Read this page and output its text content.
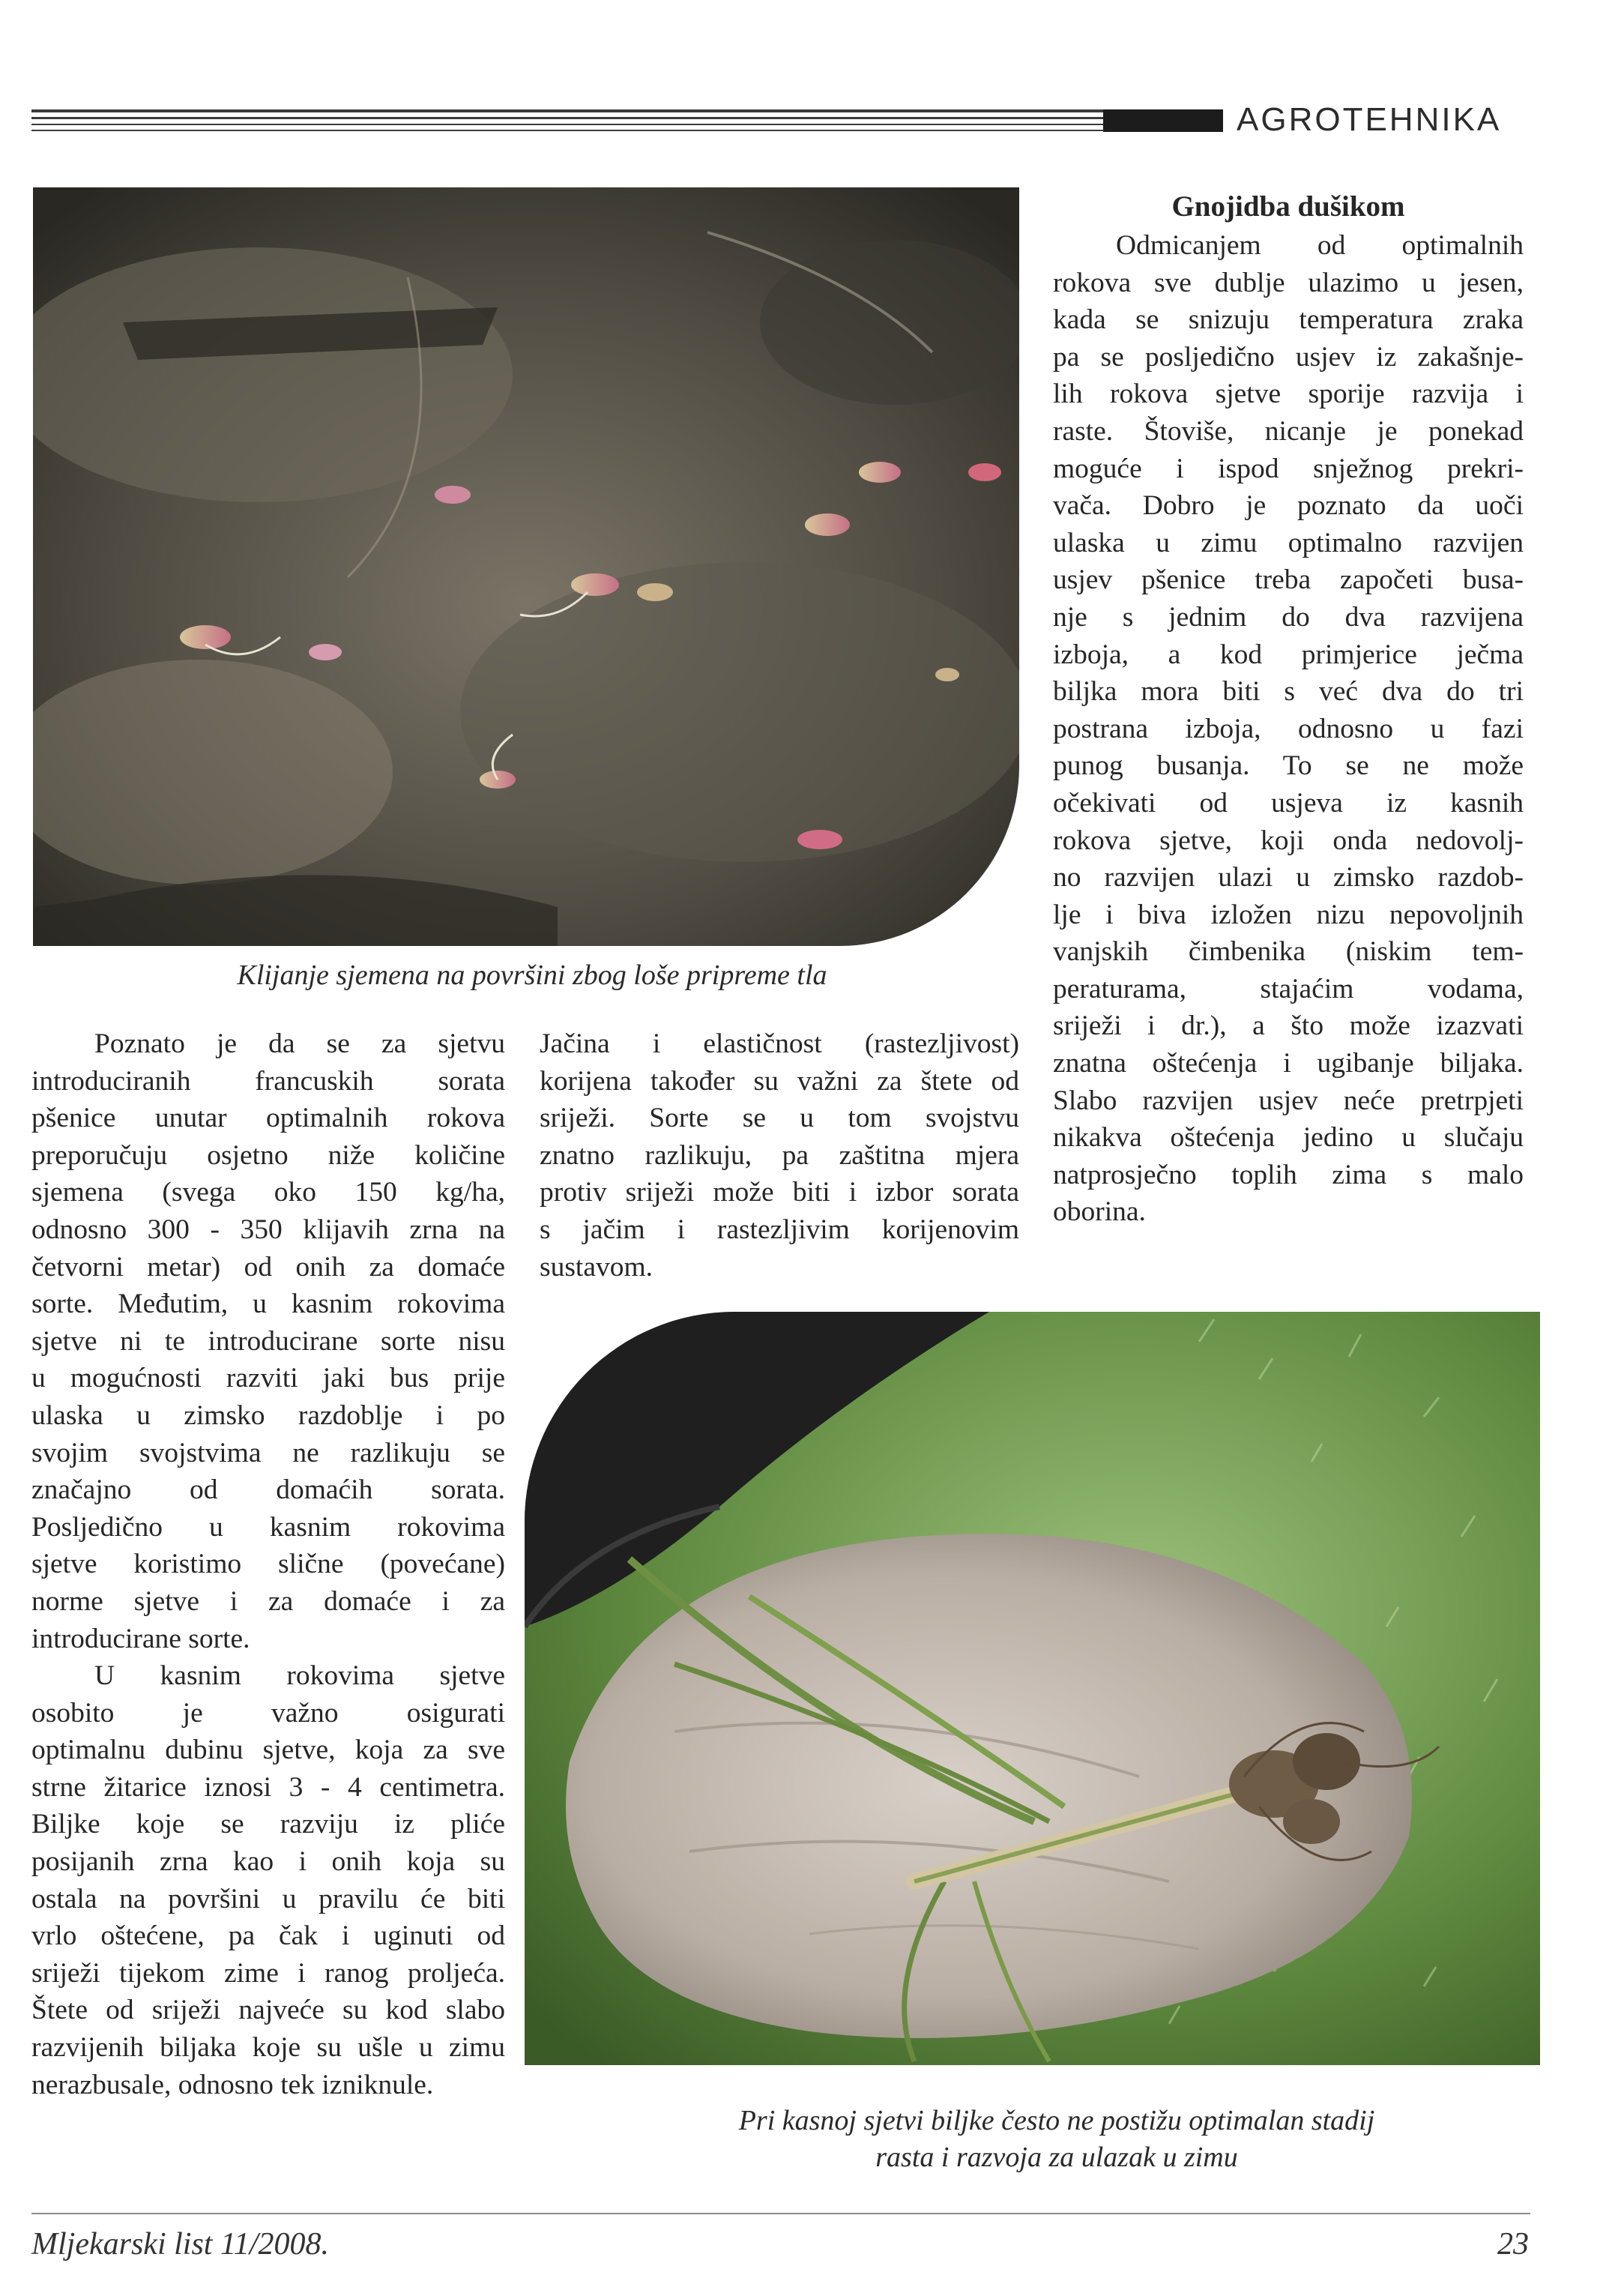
AGROTEHNIKA
Klijanje sjemena na površini zbog loše pripreme tla
Poznato je da se za sjetvu
introduciranih francuskih sorata
pšenice unutar optimalnih rokova
preporučuju osjetno niže količine
sjemena (svega oko 150 kg/ha,
odnosno 300 - 350 klijavih zrna na
četvorni metar) od onih za domaće
sorte. Međutim, u kasnim rokovima
sjetve ni te introducirane sorte nisu
u mogućnosti razviti jaki bus prije
ulaska u zimsko razdoblje i po
svojim svojstvima ne razlikuju se
značajno od domaćih sorata.
Posljedično u kasnim rokovima
sjetve koristimo slične (povećane)
norme sjetve i za domaće i za
introducirane sorte.
U kasnim rokovima sjetve
osobito je važno osigurati
optimalnu dubinu sjetve, koja za sve
strne žitarice iznosi 3 - 4 centimetra.
Biljke koje se razviju iz pliće
posijanih zrna kao i onih koja su
ostala na površini u pravilu će biti
vrlo oštećene, pa čak i uginuti od
sriježi tijekom zime i ranog proljeća.
Štete od sriježi najveće su kod slabo
razvijenih biljaka koje su ušle u zimu
nerazbusale, odnosno tek izniknule.
Jačina i elastičnost (rastezljivost)
korijena također su važni za štete od
sriježi. Sorte se u tom svojstvu
znatno razlikuju, pa zaštitna mjera
protiv sriježi može biti i izbor sorata
s jačim i rastezljivim korijenovim
sustavom.
Gnojidba dušikom
Odmicanjem od optimalnih
rokova sve dublje ulazimo u jesen,
kada se snizuju temperatura zraka
pa se posljedično usjev iz zakašnje-
lih rokova sjetve sporije razvija i
raste. Štoviše, nicanje je ponekad
moguće i ispod snježnog prekri-
vača. Dobro je poznato da uoči
ulaska u zimu optimalno razvijen
usjev pšenice treba započeti busa-
nje s jednim do dva razvijena
izboja, a kod primjerice ječma
biljka mora biti s već dva do tri
postrana izboja, odnosno u fazi
punog busanja. To se ne može
očekivati od usjeva iz kasnih
rokova sjetve, koji onda nedovolj-
no razvijen ulazi u zimsko razdob-
lje i biva izložen nizu nepovoljnih
vanjskih čimbenika (niskim tem-
peraturama, stajaćim vodama,
sriježi i dr.), a što može izazvati
znatna oštećenja i ugibanje biljaka.
Slabo razvijen usjev neće pretrpjeti
nikakva oštećenja jedino u slučaju
natprosječno toplih zima s malo
oborina.
Pri kasnoj sjetvi biljke često ne postižu optimalan stadij
rasta i razvoja za ulazak u zimu
Mljekarski list 11/2008.	23
